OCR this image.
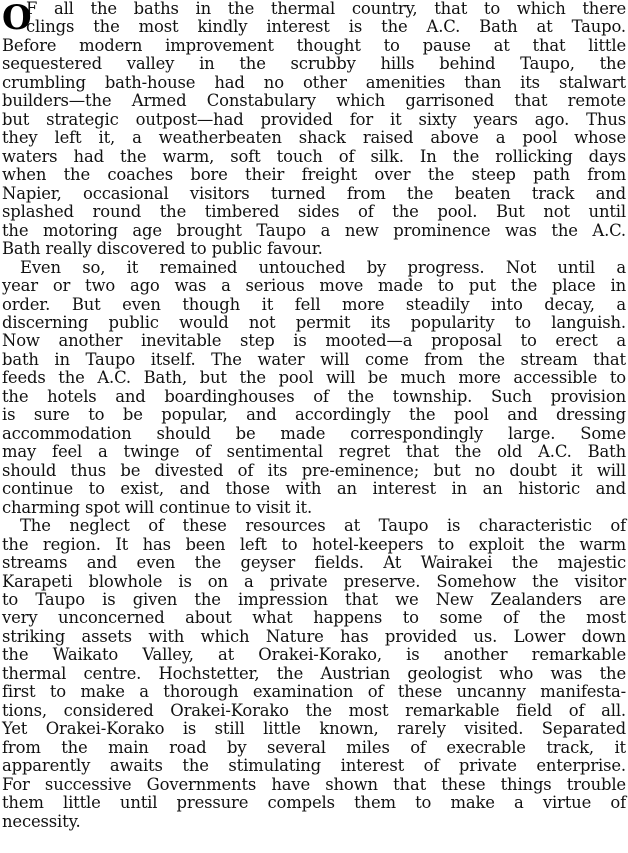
O
F all the baths in the thermal country, that to which there
clings the most kindly interest is the A.C. Bath at Taupo.
Before modern improvement thought to pause at that little
sequestered valley in the scrubby hills behind Taupo, the
crumbling bath-house had no other amenities than its stalwart
builders—the Armed Constabulary which garrisoned that remote
but strategic outpost—had provided for it sixty years ago. Thus
they left it, a weatherbeaten shack raised above a pool whose
waters had the warm, soft touch of silk. In the rollicking days
when the coaches bore their freight over the steep path from
Napier, occasional visitors turned from the beaten track and
splashed round the timbered sides of the pool. But not until
the motoring age brought Taupo a new prominence was the A.C.
Bath really discovered to public favour.
Even so, it remained untouched by progress. Not until a
year or two ago was a serious move made to put the place in
order. But even though it fell more steadily into decay, a
discerning public would not permit its popularity to languish.
Now another inevitable step is mooted—a proposal to erect a
bath in Taupo itself. The water will come from the stream that
feeds the A.C. Bath, but the pool will be much more accessible to
the hotels and boardinghouses of the township. Such provision
is sure to be popular, and accordingly the pool and dressing
accommodation should be made correspondingly large. Some
may feel a twinge of sentimental regret that the old A.C. Bath
should thus be divested of its pre-eminence; but no doubt it will
continue to exist, and those with an interest in an historic and
charming spot will continue to visit it.
The neglect of these resources at Taupo is characteristic of
the region. It has been left to hotel-keepers to exploit the warm
streams and even the geyser fields. At Wairakei the majestic
Karapeti blowhole is on a private preserve. Somehow the visitor
to Taupo is given the impression that we New Zealanders are
very unconcerned about what happens to some of the most
striking assets with which Nature has provided us. Lower down
the Waikato Valley, at Orakei-Korako, is another remarkable
thermal centre. Hochstetter, the Austrian geologist who was the
first to make a thorough examination of these uncanny manifesta-
tions, considered Orakei-Korako the most remarkable field of all.
Yet Orakei-Korako is still little known, rarely visited. Separated
from the main road by several miles of execrable track, it
apparently awaits the stimulating interest of private enterprise.
For successive Governments have shown that these things trouble
them little until pressure compels them to make a virtue of
necessity.
